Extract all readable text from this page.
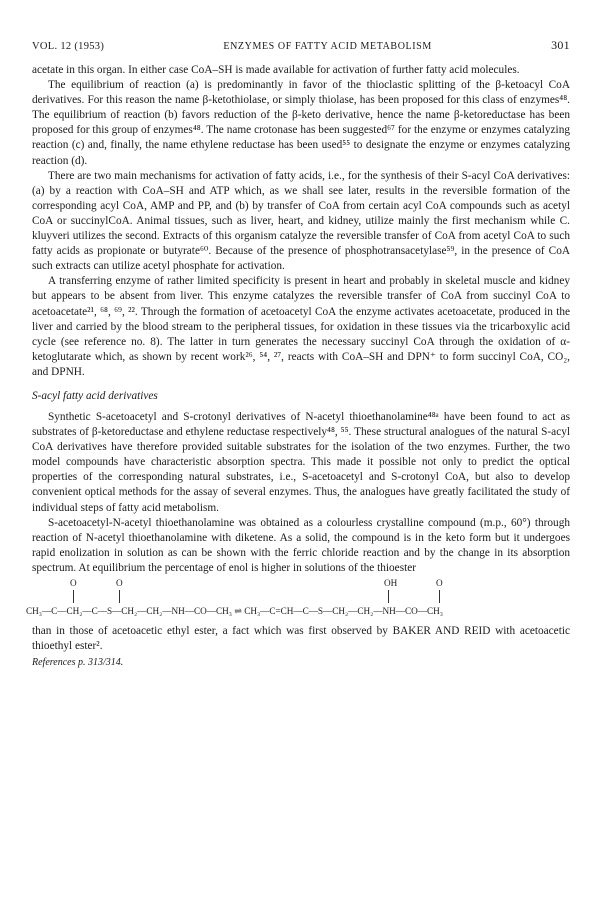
VOL. 12 (1953)	ENZYMES OF FATTY ACID METABOLISM	301

acetate in this organ. In either case CoA–SH is made available for activation of further fatty acid molecules.

The equilibrium of reaction (a) is predominantly in favor of the thioclastic splitting of the β-ketoacyl CoA derivatives. For this reason the name β-ketothiolase, or simply thiolase, has been proposed for this class of enzymes⁴⁸. The equilibrium of reaction (b) favors reduction of the β-keto derivative, hence the name β-ketoreductase has been proposed for this group of enzymes⁴⁸. The name crotonase has been suggested⁶⁷ for the enzyme or enzymes catalyzing reaction (c) and, finally, the name ethylene reductase has been used⁵⁵ to designate the enzyme or enzymes catalyzing reaction (d).

There are two main mechanisms for activation of fatty acids, i.e., for the synthesis of their S-acyl CoA derivatives: (a) by a reaction with CoA–SH and ATP which, as we shall see later, results in the reversible formation of the corresponding acyl CoA, AMP and PP, and (b) by transfer of CoA from certain acyl CoA compounds such as acetyl CoA or succinylCoA. Animal tissues, such as liver, heart, and kidney, utilize mainly the first mechanism while C. kluyveri utilizes the second. Extracts of this organism catalyze the reversible transfer of CoA from acetyl CoA to such fatty acids as propionate or butyrate⁶⁰. Because of the presence of phosphotransacetylase⁵⁹, in the presence of CoA such extracts can utilize acetyl phosphate for activation.

A transferring enzyme of rather limited specificity is present in heart and probably in skeletal muscle and kidney but appears to be absent from liver. This enzyme catalyzes the reversible transfer of CoA from succinyl CoA to acetoacetate²¹, ⁶⁸, ⁶⁹, ²². Through the formation of acetoacetyl CoA the enzyme activates acetoacetate, produced in the liver and carried by the blood stream to the peripheral tissues, for oxidation in these tissues via the tricarboxylic acid cycle (see reference no. 8). The latter in turn generates the necessary succinyl CoA through the oxidation of α-ketoglutarate which, as shown by recent work²⁶, ⁵⁴, ²⁷, reacts with CoA–SH and DPN⁺ to form succinyl CoA, CO₂, and DPNH.

S-acyl fatty acid derivatives

Synthetic S-acetoacetyl and S-crotonyl derivatives of N-acetyl thioethanolamine⁴⁸ᵃ have been found to act as substrates of β-ketoreductase and ethylene reductase respectively⁴⁸, ⁵⁵. These structural analogues of the natural S-acyl CoA derivatives have therefore provided suitable substrates for the isolation of the two enzymes. Further, the two model compounds have characteristic absorption spectra. This made it possible not only to predict the optical properties of the corresponding natural substrates, i.e., S-acetoacetyl and S-crotonyl CoA, but also to develop convenient optical methods for the assay of several enzymes. Thus, the analogues have greatly facilitated the study of individual steps of fatty acid metabolism.

S-acetoacetyl-N-acetyl thioethanolamine was obtained as a colourless crystalline compound (m.p., 60°) through reaction of N-acetyl thioethanolamine with diketene. As a solid, the compound is in the keto form but it undergoes rapid enolization in solution as can be shown with the ferric chloride reaction and by the change in its absorption spectrum. At equilibrium the percentage of enol is higher in solutions of the thioester

O	O	OH	O
CH₃—C—CH₂—C—S—CH₂—CH₂—NH—CO—CH₃ ⇌ CH₃—C=CH—C—S—CH₂—CH₂—NH—CO—CH₃

than in those of acetoacetic ethyl ester, a fact which was first observed by BAKER AND REID with acetoacetic thioethyl ester².

References p. 313/314.
